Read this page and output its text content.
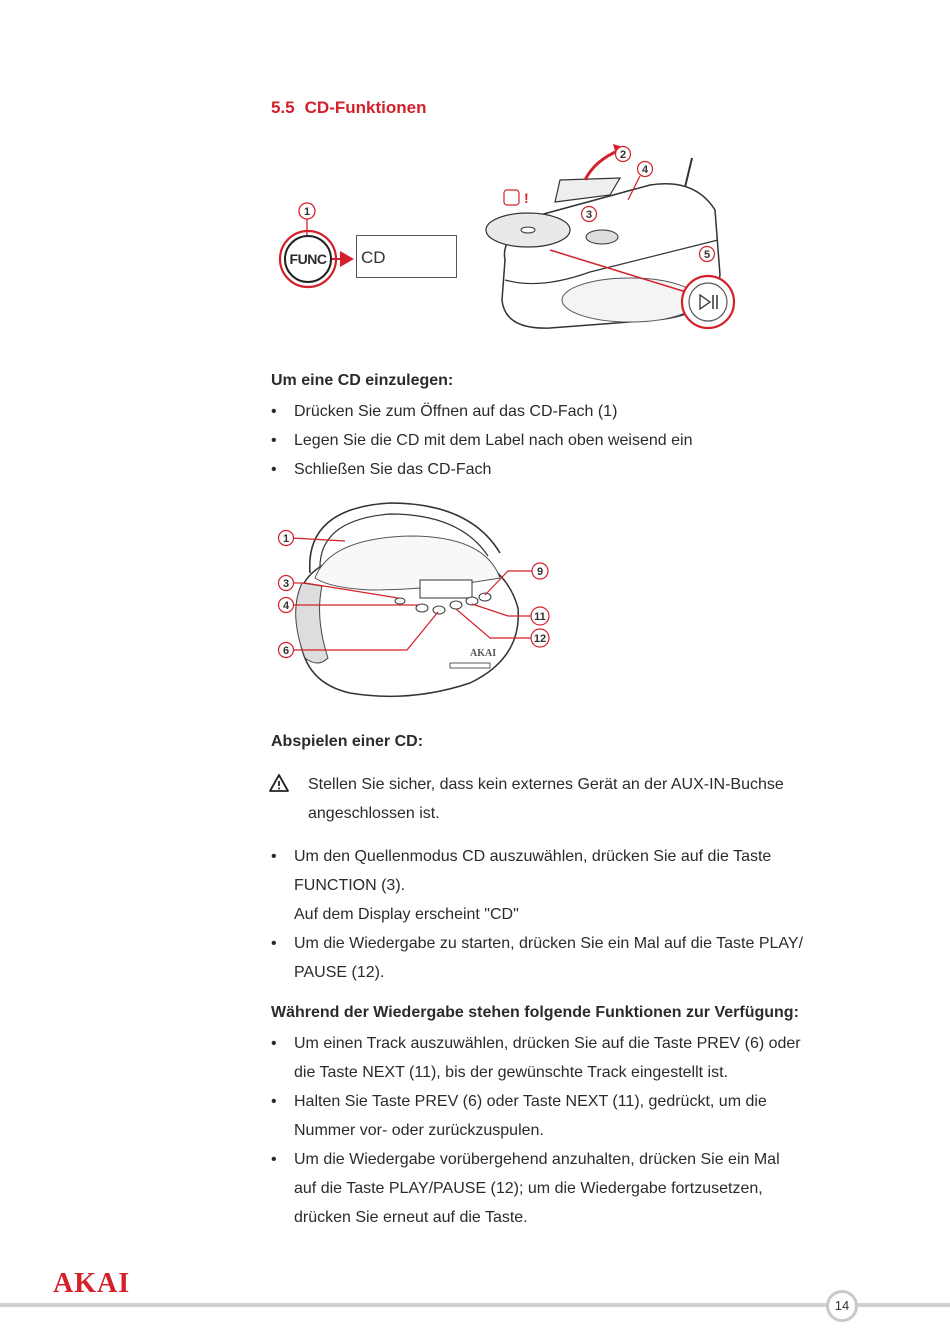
5.5 CD-Funktionen
1
FUNC	CD
2
3
4
5
!
Um eine CD einzulegen:
• Drücken Sie zum Öffnen auf das CD-Fach (1)
• Legen Sie die CD mit dem Label nach oben weisend ein
• Schließen Sie das CD-Fach
AKAI
1
3
4
6
9
11
12
Abspielen einer CD:
Stellen Sie sicher, dass kein externes Gerät an der AUX-IN-Buchse
angeschlossen ist.
• Um den Quellenmodus CD auszuwählen, drücken Sie auf die Taste
FUNCTION (3).
Auf dem Display erscheint "CD"
• Um die Wiedergabe zu starten, drücken Sie ein Mal auf die Taste PLAY/
PAUSE (12).
Während der Wiedergabe stehen folgende Funktionen zur Verfügung:
• Um einen Track auszuwählen, drücken Sie auf die Taste PREV (6) oder
die Taste NEXT (11), bis der gewünschte Track eingestellt ist.
• Halten Sie Taste PREV (6) oder Taste NEXT (11), gedrückt, um die
Nummer vor- oder zurückzuspulen.
• Um die Wiedergabe vorübergehend anzuhalten, drücken Sie ein Mal
auf die Taste PLAY/PAUSE (12); um die Wiedergabe fortzusetzen,
drücken Sie erneut auf die Taste.
AKAI
14
